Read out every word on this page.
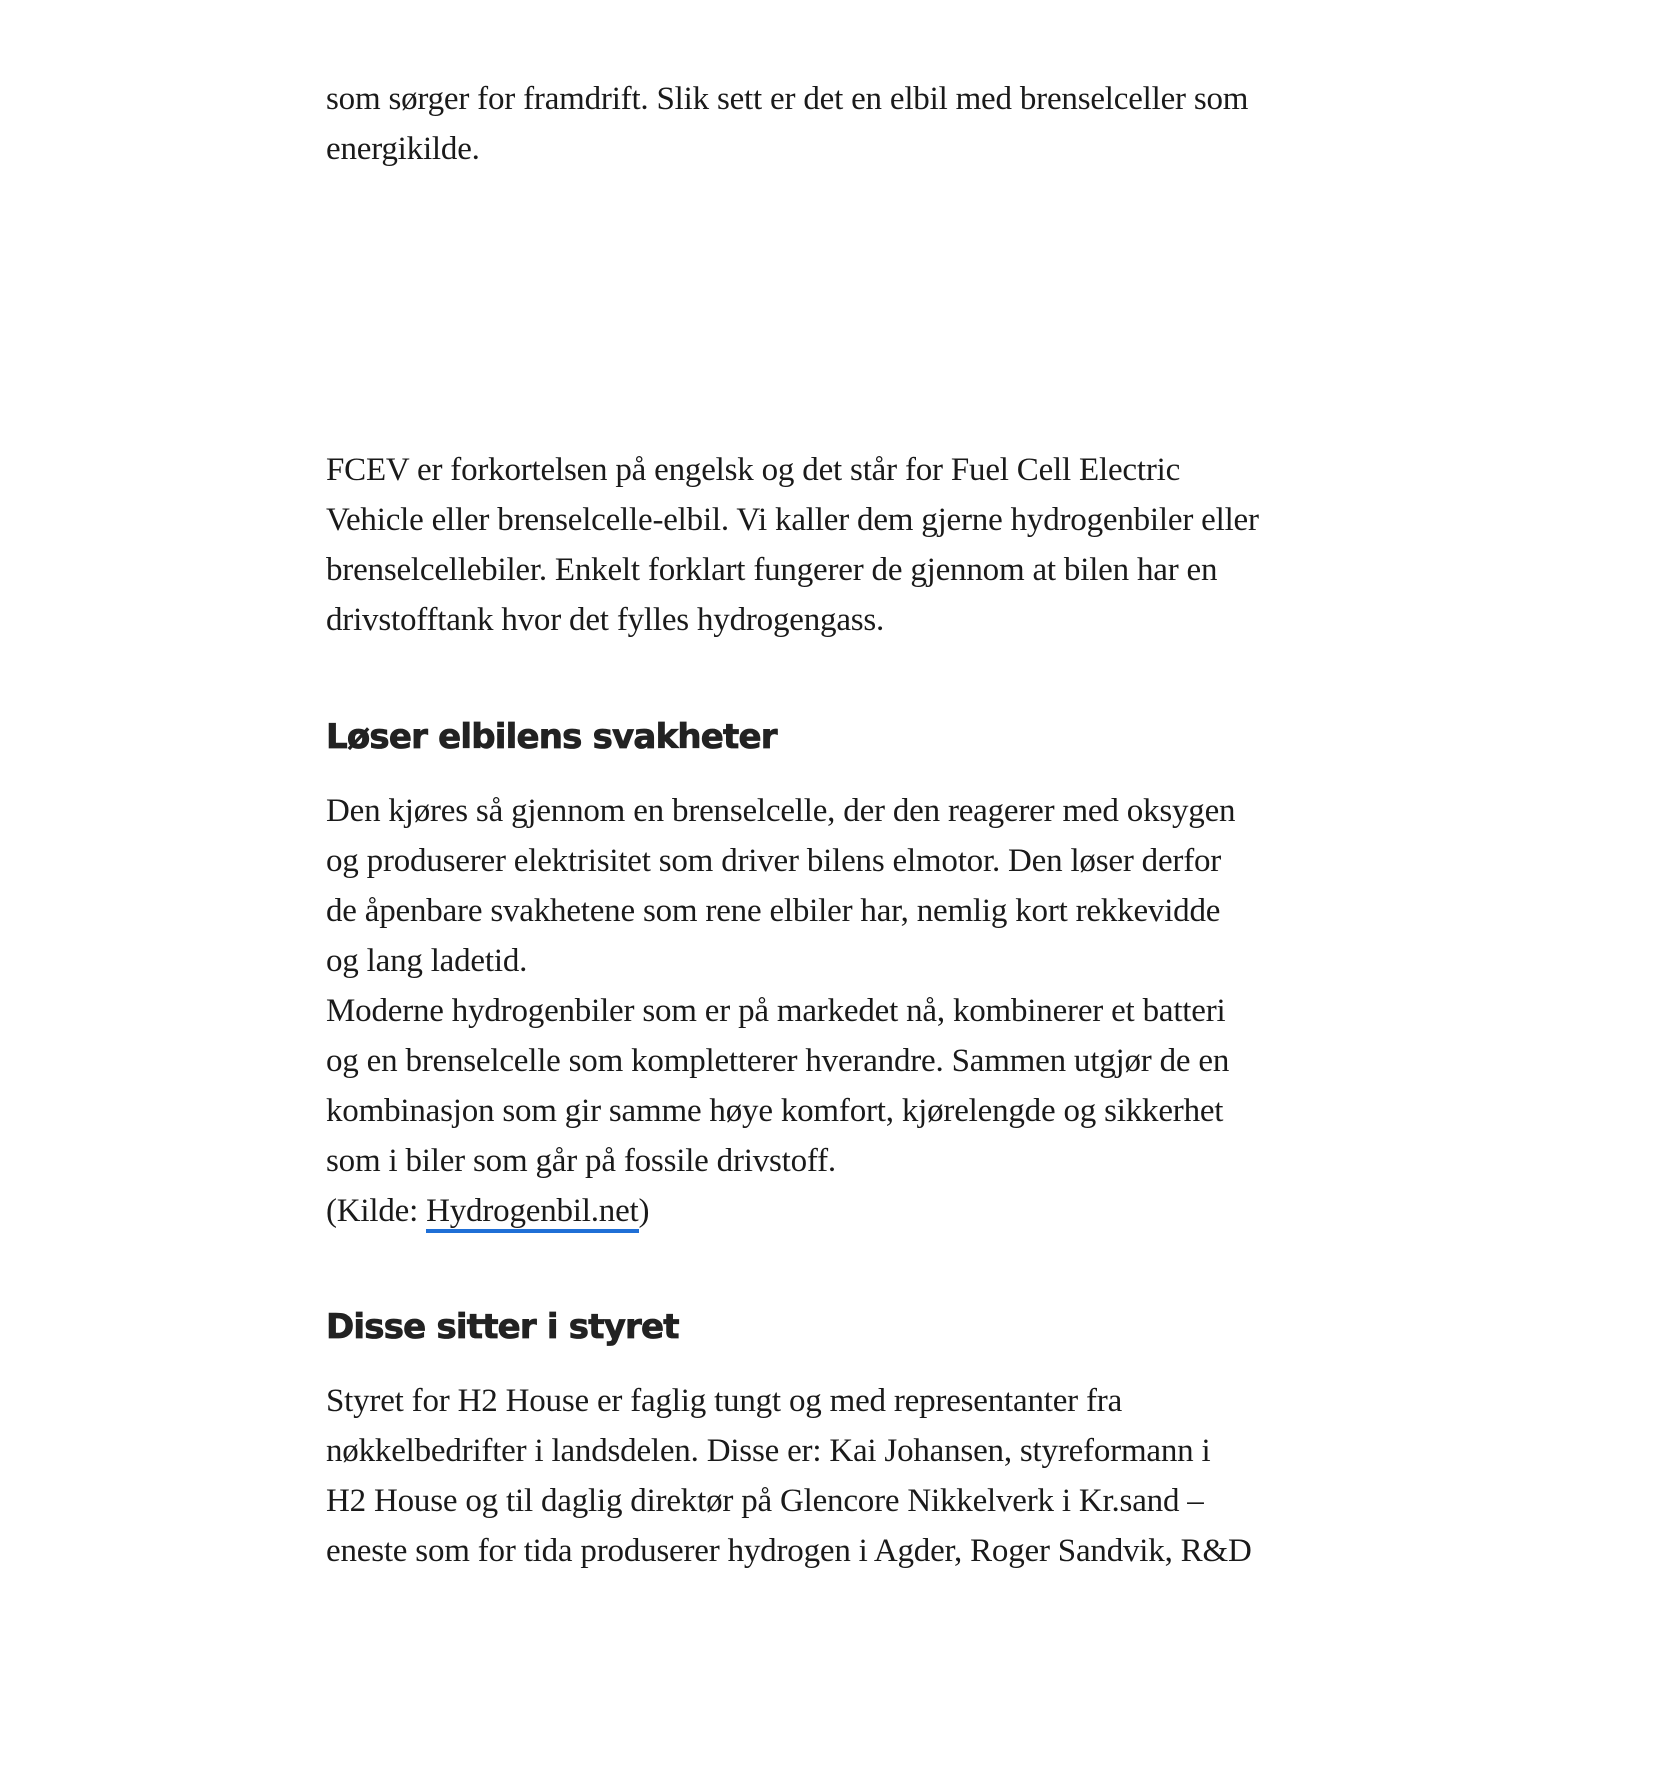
som sørger for framdrift. Slik sett er det en elbil med brenselceller som
energikilde.

FCEV er forkortelsen på engelsk og det står for Fuel Cell Electric
Vehicle eller brenselcelle-elbil. Vi kaller dem gjerne hydrogenbiler eller
brenselcellebiler. Enkelt forklart fungerer de gjennom at bilen har en
drivstofftank hvor det fylles hydrogengass.

Løser elbilens svakheter

Den kjøres så gjennom en brenselcelle, der den reagerer med oksygen
og produserer elektrisitet som driver bilens elmotor. Den løser derfor
de åpenbare svakhetene som rene elbiler har, nemlig kort rekkevidde
og lang ladetid.

Moderne hydrogenbiler som er på markedet nå, kombinerer et batteri
og en brenselcelle som kompletterer hverandre. Sammen utgjør de en
kombinasjon som gir samme høye komfort, kjørelengde og sikkerhet
som i biler som går på fossile drivstoff.

(Kilde: Hydrogenbil.net)

Disse sitter i styret

Styret for H2 House er faglig tungt og med representanter fra
nøkkelbedrifter i landsdelen. Disse er: Kai Johansen, styreformann i
H2 House og til daglig direktør på Glencore Nikkelverk i Kr.sand –
eneste som for tida produserer hydrogen i Agder, Roger Sandvik, R&D
